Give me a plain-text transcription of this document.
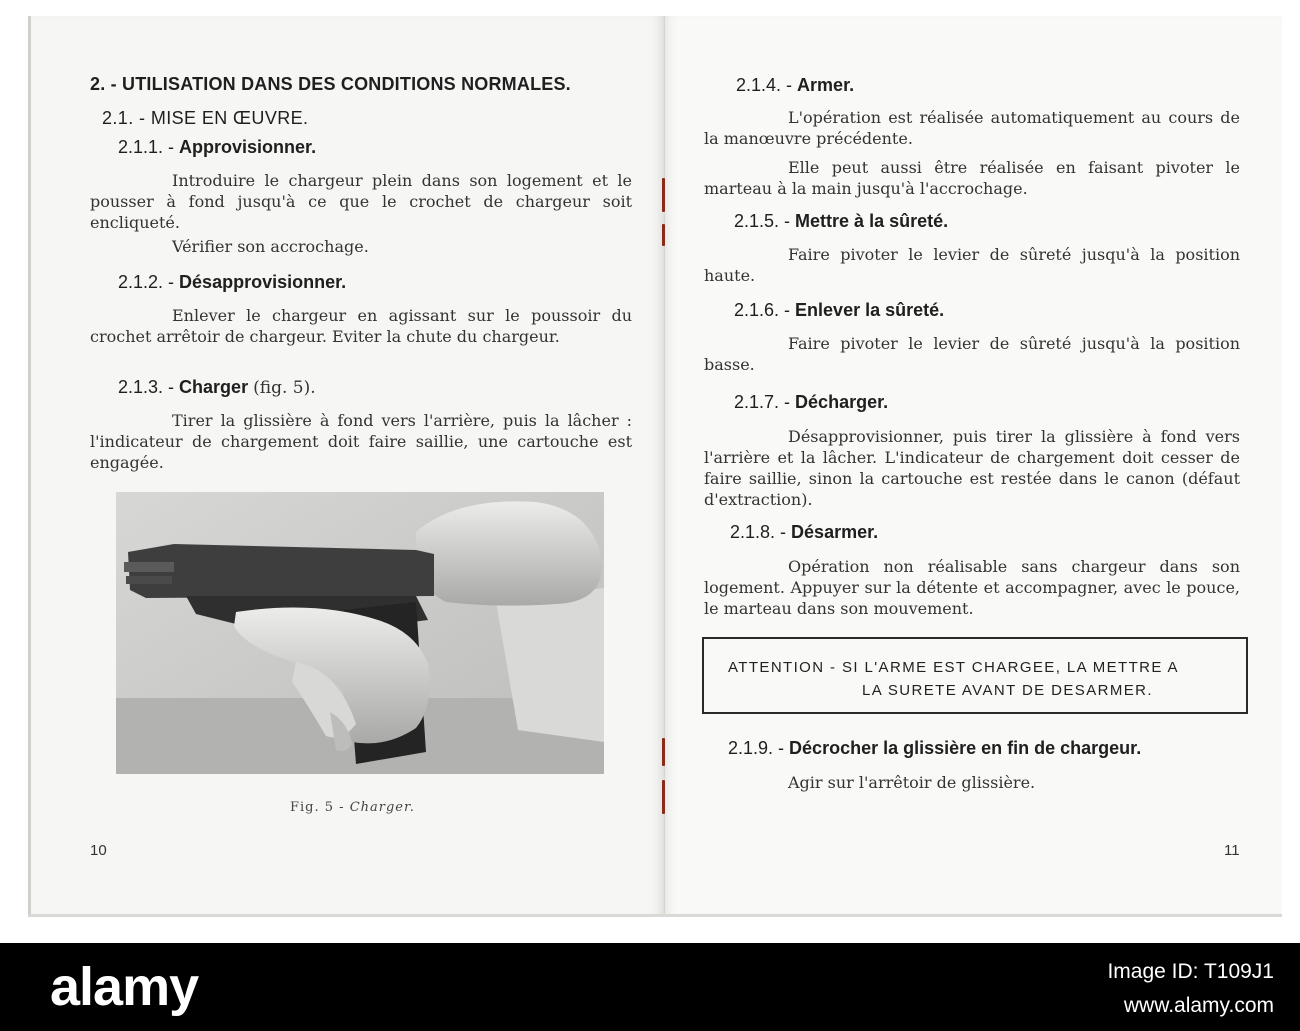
2. - UTILISATION DANS DES CONDITIONS NORMALES.
2.1. - MISE EN ŒUVRE.
2.1.1. - Approvisionner.
Introduire le chargeur plein dans son logement et le pousser à fond jusqu'à ce que le crochet de chargeur soit encliqueté.
Vérifier son accrochage.
2.1.2. - Désapprovisionner.
Enlever le chargeur en agissant sur le poussoir du crochet arrêtoir de chargeur. Eviter la chute du chargeur.
2.1.3. - Charger (fig. 5).
Tirer la glissière à fond vers l'arrière, puis la lâcher : l'indicateur de chargement doit faire saillie, une cartouche est engagée.
Fig. 5 - Charger.
10
2.1.4. - Armer.
L'opération est réalisée automatiquement au cours de la manœuvre précédente.
Elle peut aussi être réalisée en faisant pivoter le marteau à la main jusqu'à l'accrochage.
2.1.5. - Mettre à la sûreté.
Faire pivoter le levier de sûreté jusqu'à la position haute.
2.1.6. - Enlever la sûreté.
Faire pivoter le levier de sûreté jusqu'à la position basse.
2.1.7. - Décharger.
Désapprovisionner, puis tirer la glissière à fond vers l'arrière et la lâcher. L'indicateur de chargement doit cesser de faire saillie, sinon la cartouche est restée dans le canon (défaut d'extraction).
2.1.8. - Désarmer.
Opération non réalisable sans chargeur dans son logement. Appuyer sur la détente et accompagner, avec le pouce, le marteau dans son mouvement.
ATTENTION - SI L'ARME EST CHARGEE, LA METTRE A
LA SURETE AVANT DE DESARMER.
2.1.9. - Décrocher la glissière en fin de chargeur.
Agir sur l'arrêtoir de glissière.
11
alamy	Image ID: T109J1
www.alamy.com
